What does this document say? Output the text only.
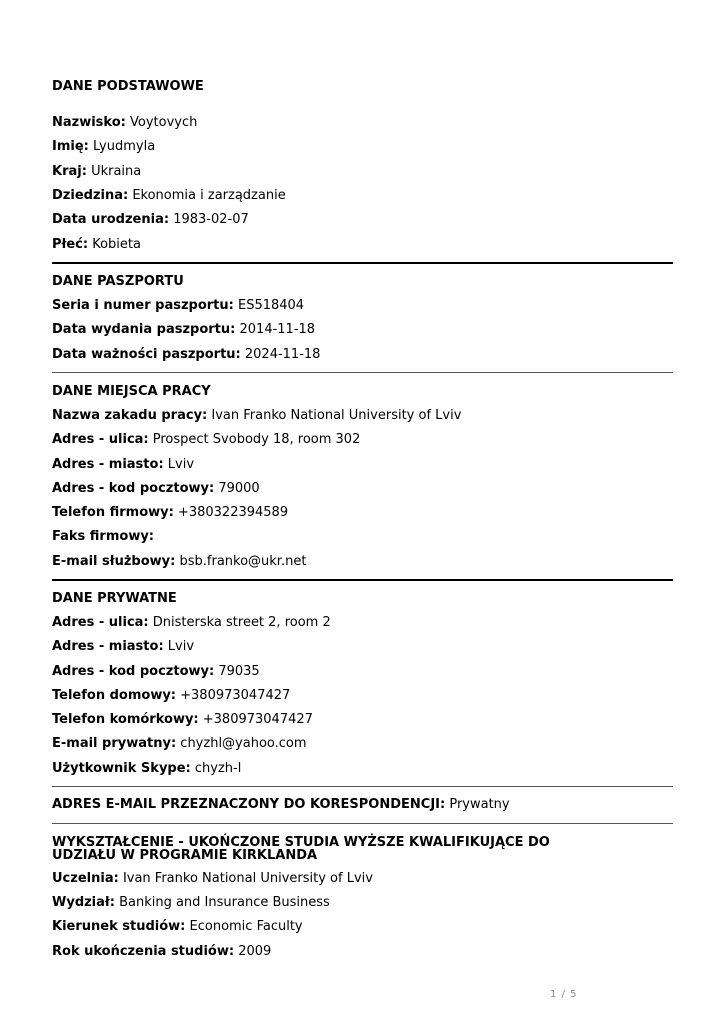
DANE PODSTAWOWE
Nazwisko: Voytovych
Imię: Lyudmyla
Kraj: Ukraina
Dziedzina: Ekonomia i zarządzanie
Data urodzenia: 1983-02-07
Płeć: Kobieta
DANE PASZPORTU
Seria i numer paszportu: ES518404
Data wydania paszportu: 2014-11-18
Data ważności paszportu: 2024-11-18
DANE MIEJSCA PRACY
Nazwa zakadu pracy: Ivan Franko National University of Lviv
Adres - ulica: Prospect Svobody 18, room 302
Adres - miasto: Lviv
Adres - kod pocztowy: 79000
Telefon firmowy: +380322394589
Faks firmowy:
E-mail służbowy: bsb.franko@ukr.net
DANE PRYWATNE
Adres - ulica: Dnisterska street 2, room 2
Adres - miasto: Lviv
Adres - kod pocztowy: 79035
Telefon domowy: +380973047427
Telefon komórkowy: +380973047427
E-mail prywatny: chyzhl@yahoo.com
Użytkownik Skype: chyzh-l
ADRES E-MAIL PRZEZNACZONY DO KORESPONDENCJI: Prywatny
WYKSZTAŁCENIE - UKOŃCZONE STUDIA WYŻSZE KWALIFIKUJĄCE DO UDZIAŁU W PROGRAMIE KIRKLANDA
Uczelnia: Ivan Franko National University of Lviv
Wydział: Banking and Insurance Business
Kierunek studiów: Economic Faculty
Rok ukończenia studiów: 2009
1 / 5
